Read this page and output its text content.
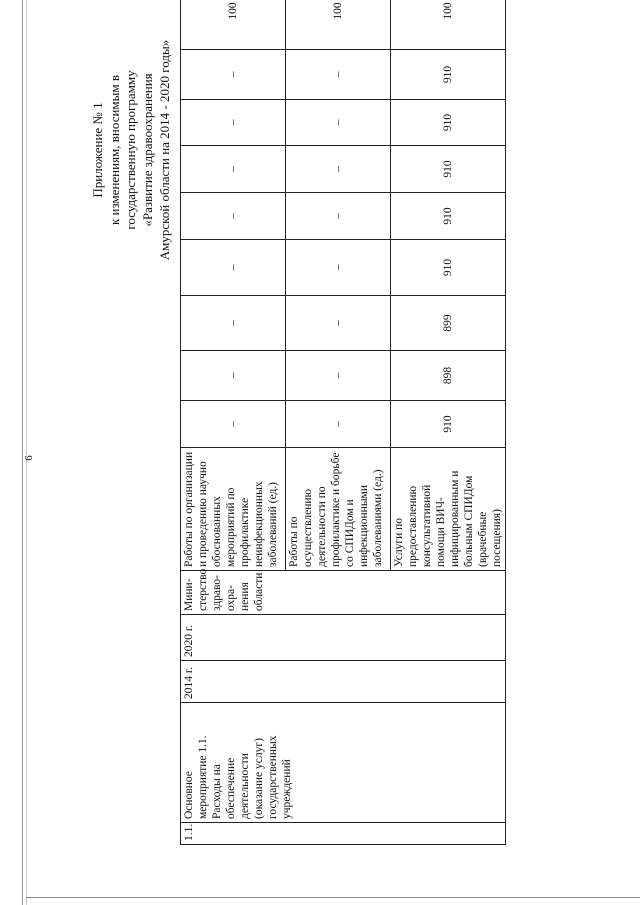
6
1.1.	Основное мероприятие 1.1. Расходы на обеспечение деятельности (оказание услуг) государственных учреждений	2014 г.	2020 г.	Мини-стерство здраво-охра-нения области	Работы по организации и проведению научно обоснованных мероприятий по профилактике неинфекционных заболеваний (ед.)	–	–	–	–	–	–	–	–	100
					Работы по осуществлению деятельности по профилактике и борьбе со СПИДом и инфекционными заболеваниями (ед.)	–	–	–	–	–	–	–	–	100
					Услуги по предоставлению консультативной помощи ВИЧ-инфицированным и больным СПИДом (врачебные посещения)	910	898	899	910	910	910	910	910	100
Приложение № 1 к изменениям, вносимым в государственную программу «Развитие здравоохранения Амурской области на 2014 - 2020 годы»
